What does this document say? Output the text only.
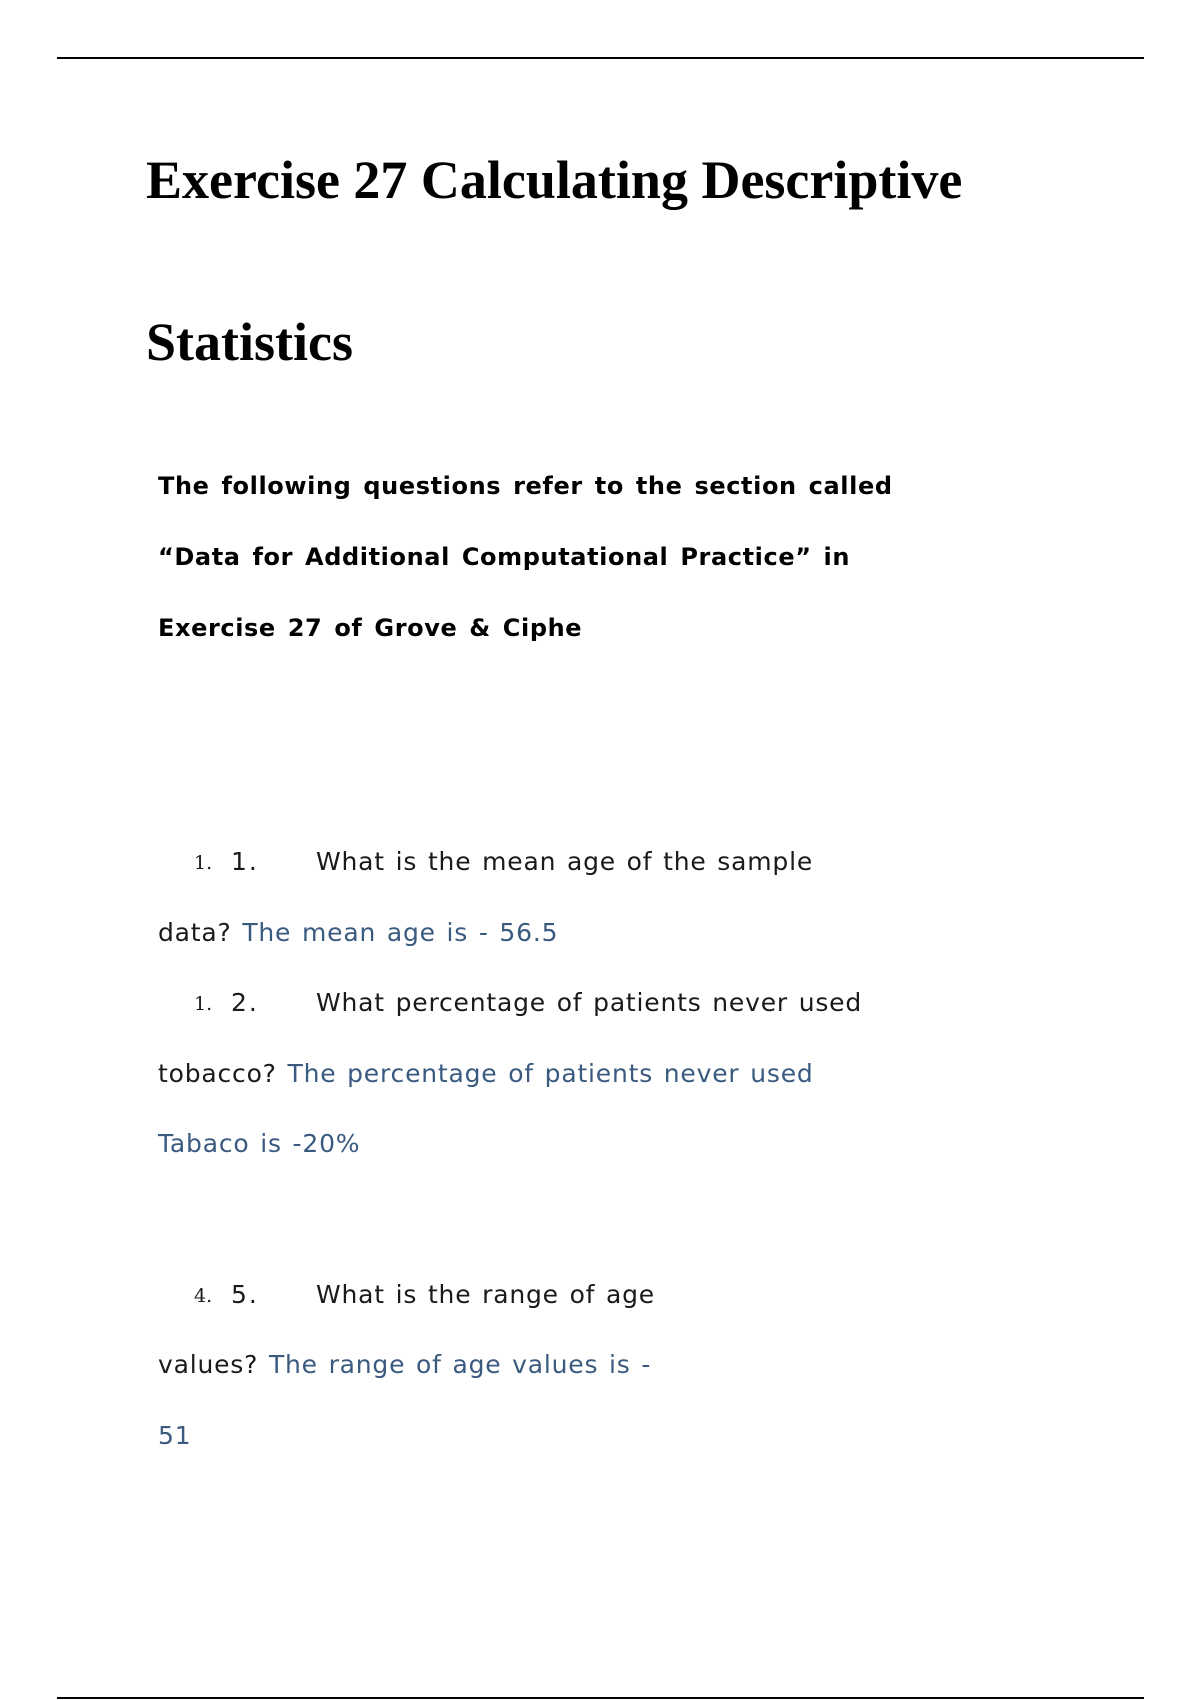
Exercise 27 Calculating Descriptive
Statistics
The following questions refer to the section called
“Data for Additional Computational Practice” in
Exercise 27 of Grove & Ciphe
1. 1. What is the mean age of the sample
data? The mean age is - 56.5
1. 2. What percentage of patients never used
tobacco? The percentage of patients never used
Tabaco is -20%
4. 5. What is the range of age
values? The range of age values is -
51
